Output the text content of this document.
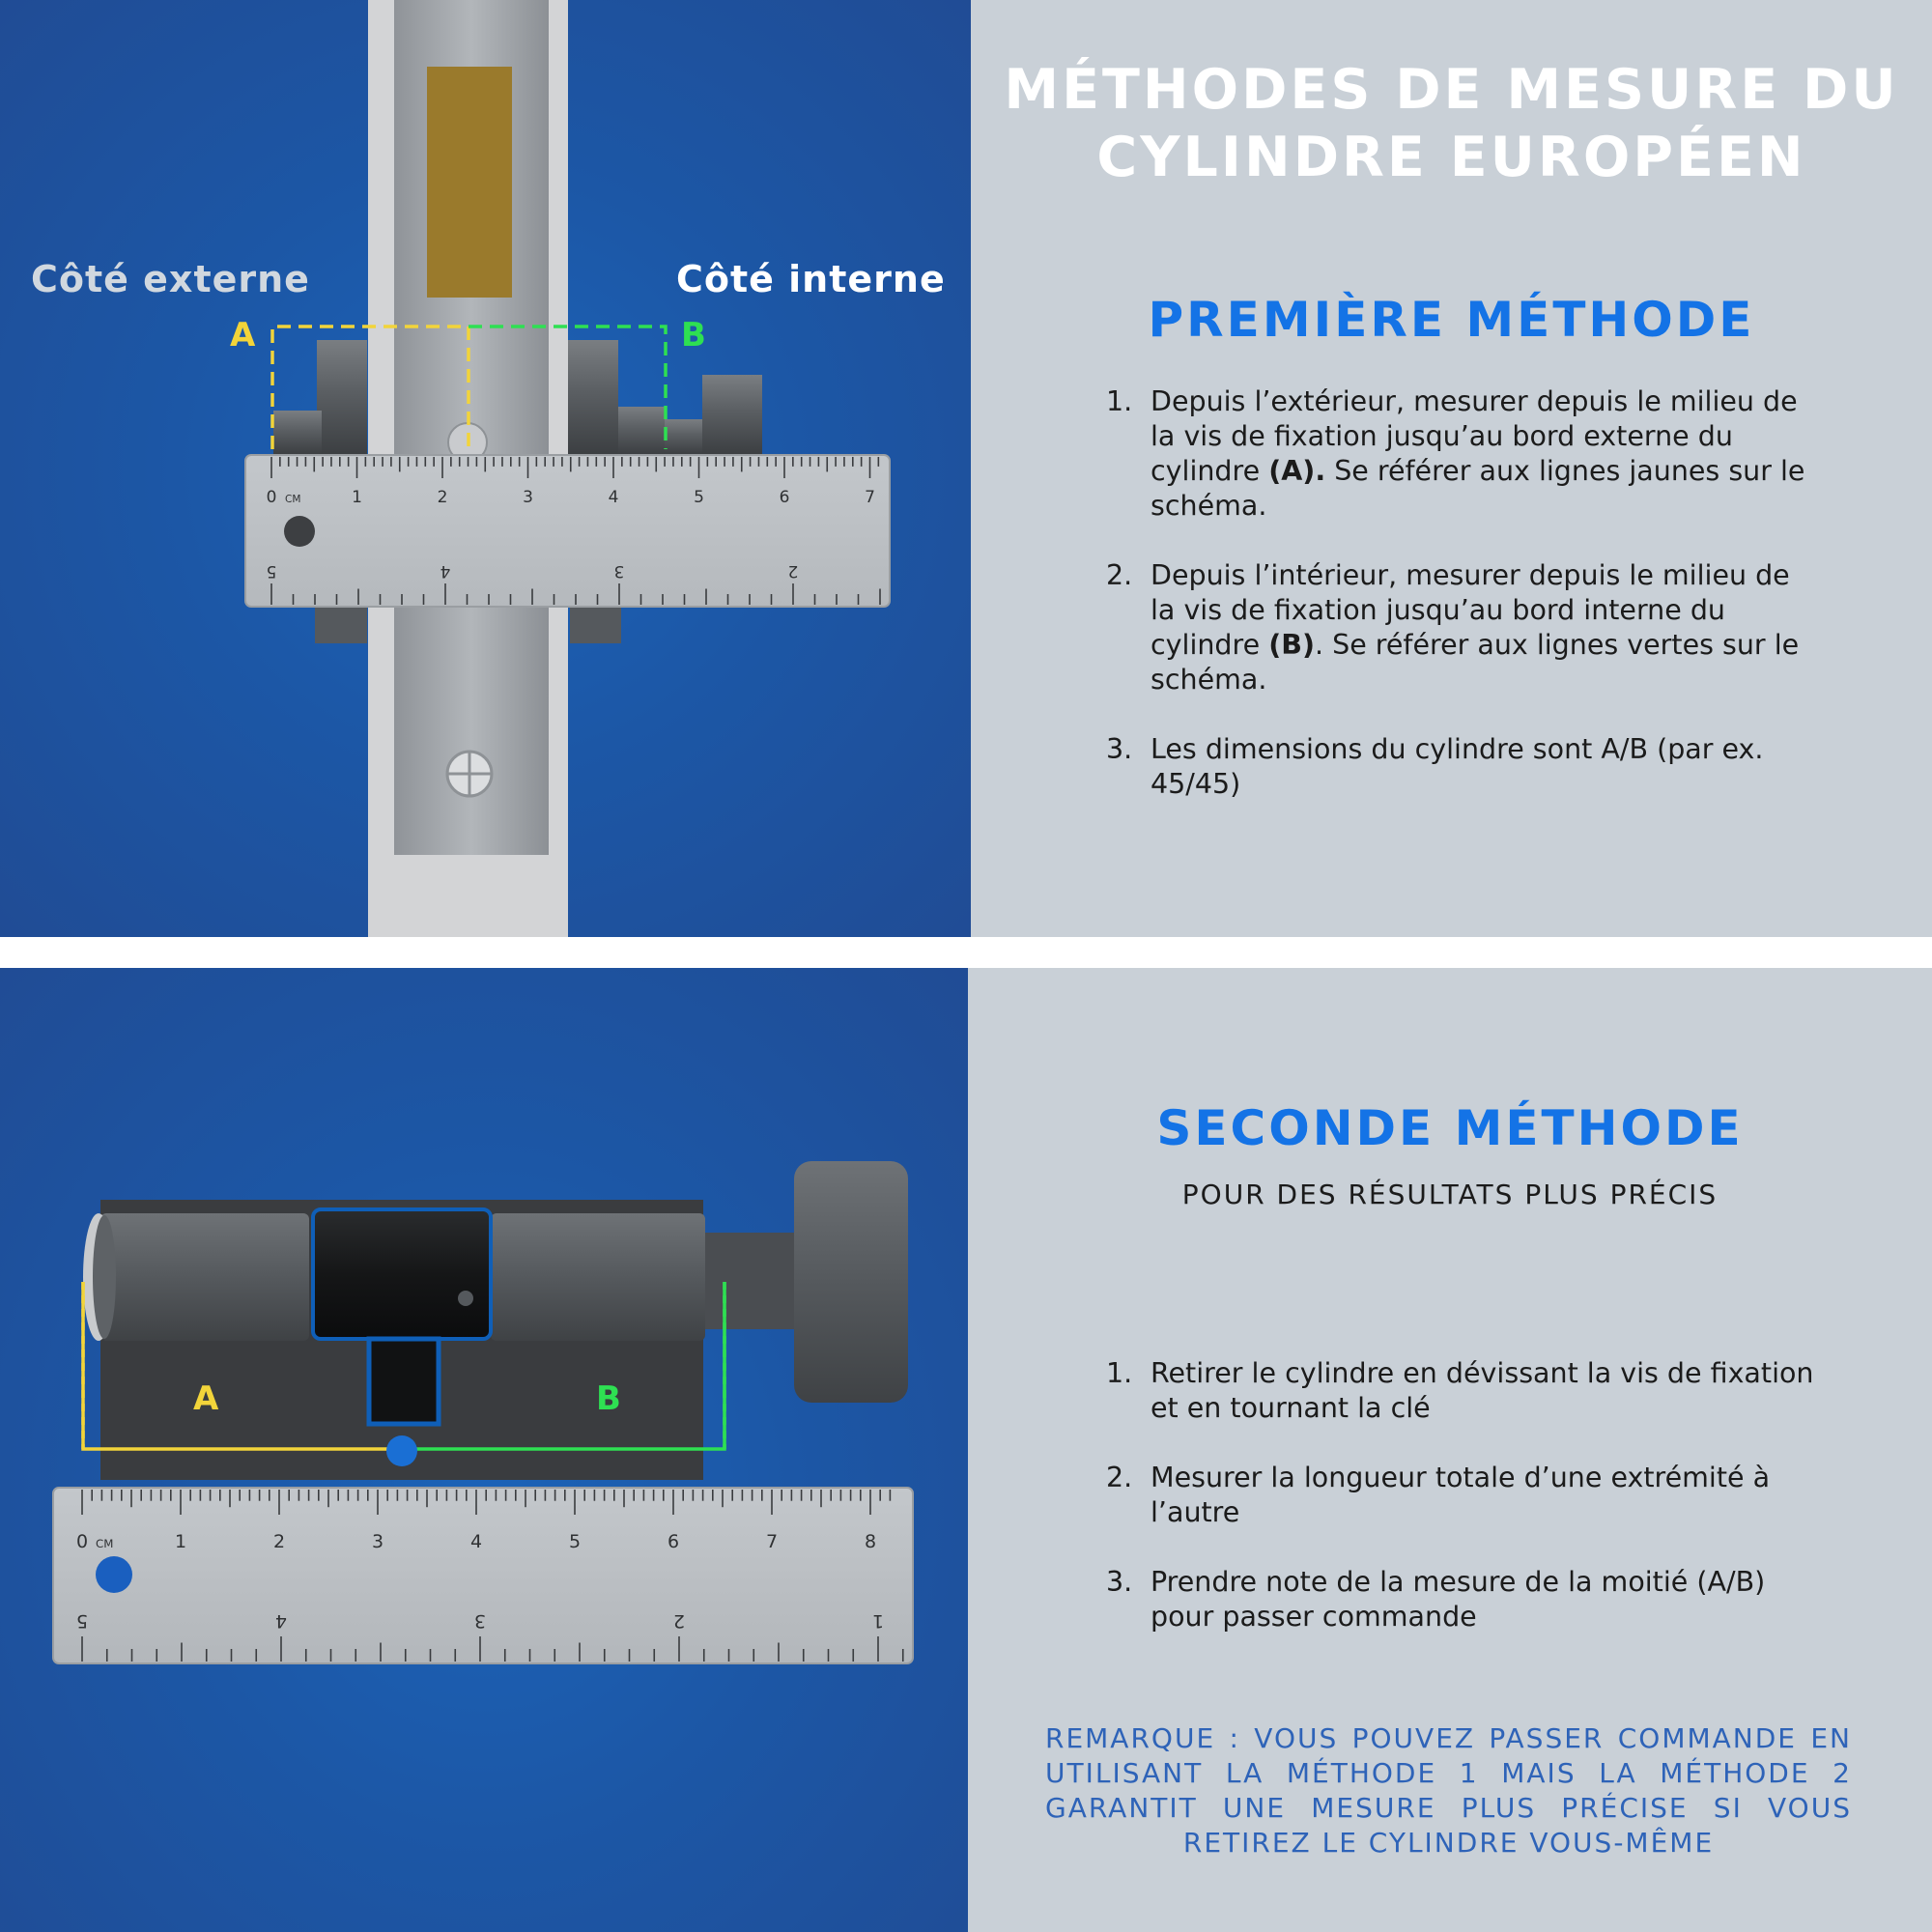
0 CM	1	2	3	4	5	6	7
5	4	3	2
Côté externe	Côté interne
A	B
MÉTHODES DE MESURE DU CYLINDRE EUROPÉEN
PREMIÈRE MÉTHODE
1. Depuis l’extérieur, mesurer depuis le milieu de la vis de fixation jusqu’au bord externe du cylindre (A). Se référer aux lignes jaunes sur le schéma.
2. Depuis l’intérieur, mesurer depuis le milieu de la vis de fixation jusqu’au bord interne du cylindre (B). Se référer aux lignes vertes sur le schéma.
3. Les dimensions du cylindre sont A/B (par ex. 45/45)
A	B
0 CM	1	2	3	4	5	6	7	8
5	4	3	2	1
SECONDE MÉTHODE
POUR DES RÉSULTATS PLUS PRÉCIS
1. Retirer le cylindre en dévissant la vis de fixation et en tournant la clé
2. Mesurer la longueur totale d’une extrémité à l’autre
3. Prendre note de la mesure de la moitié (A/B) pour passer commande
REMARQUE : VOUS POUVEZ PASSER COMMANDE EN UTILISANT LA MÉTHODE 1 MAIS LA MÉTHODE 2 GARANTIT UNE MESURE PLUS PRÉCISE SI VOUS RETIREZ LE CYLINDRE VOUS-MÊME
